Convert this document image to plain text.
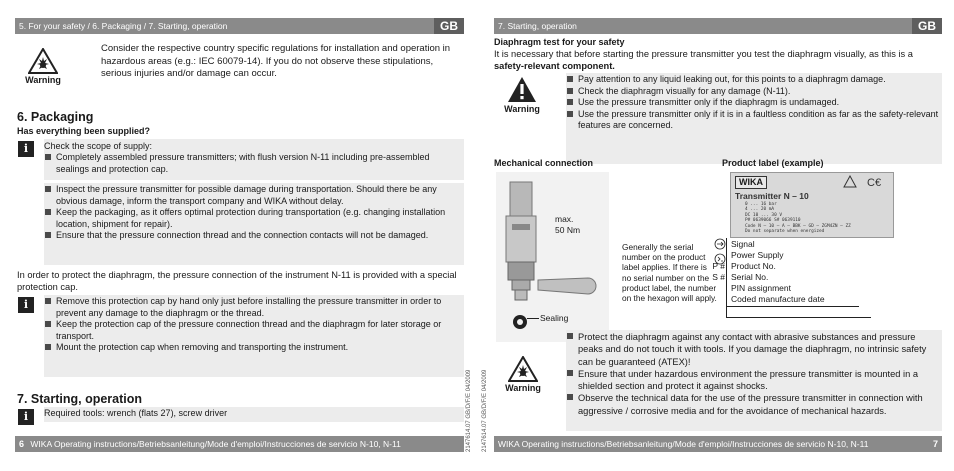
5. For your safety / 6. Packaging / 7. Starting, operation	GB
Warning
Consider the respective country specific regulations for installation and operation in hazardous areas (e.g.: IEC 60079-14). If you do not observe these stipulations, serious injuries and/or damage can occur.
6. Packaging
Has everything been supplied?
i	Check the scope of supply:
Completely assembled pressure transmitters; with flush version N-11 including pre-assembled sealings and protection cap.
Inspect the pressure transmitter for possible damage during transportation. Should there be any obvious damage, inform the transport company and WIKA without delay.
Keep the packaging, as it offers optimal protection during transportation (e.g. changing installation location, shipment for repair).
Ensure that the pressure connection thread and the connection contacts will not be damaged.
In order to protect the diaphragm, the pressure connection of the instrument N-11 is provided with a special protection cap.
i	Remove this protection cap by hand only just before installing the pressure transmitter in order to prevent any damage to the diaphragm or the thread.
Keep the protection cap of the pressure connection thread and the diaphragm for later storage or transport.
Mount the protection cap when removing and transporting the instrument.
7. Starting, operation
i	Required tools: wrench (flats 27), screw driver
6 WIKA Operating instructions/Betriebsanleitung/Mode d'emploi/Instrucciones de servicio N-10, N-11	2147614.07 GB/D/F/E 04/2009 2147614.07 GB/D/F/E 04/2009
7. Starting, operation	GB
Diaphragm test for your safety
It is necessary that before starting the pressure transmitter you test the diaphragm visually, as this is a safety-relevant component.
Warning
Pay attention to any liquid leaking out, for this points to a diaphragm damage.
Check the diaphragm visually for any damage (N-11).
Use the pressure transmitter only if the diaphragm is undamaged.
Use the pressure transmitter only if it is in a faultless condition as far as the safety-relevant features are concerned.
Mechanical connection
max.
50 Nm
Sealing
Generally the serial number on the product label applies. If there is no serial number on the product label, the number on the hexagon will apply.
Product label (example)
WIKA	C€
Transmitter N – 10
0 ... 16 bar
4 ... 20 mA
DC 10 ... 30 V
P# 0639066 S# 0639110
Code N – 10 – A – BBK – GD – ZGM4ZN – ZZ
Do not separate when energized
Signal
Power Supply
P # Product No.
S # Serial No.
PIN assignment
Coded manufacture date
Warning
Protect the diaphragm against any contact with abrasive substances and pressure peaks and do not touch it with tools. If you damage the diaphragm, no intrinsic safety can be guaranteed (ATEX)!
Ensure that under hazardous environment the pressure transmitter is mounted in a shielded section and protect it against shocks.
Observe the technical data for the use of the pressure transmitter in connection with aggressive / corrosive media and for the avoidance of mechanical hazards.
WIKA Operating instructions/Betriebsanleitung/Mode d'emploi/Instrucciones de servicio N-10, N-11	7
